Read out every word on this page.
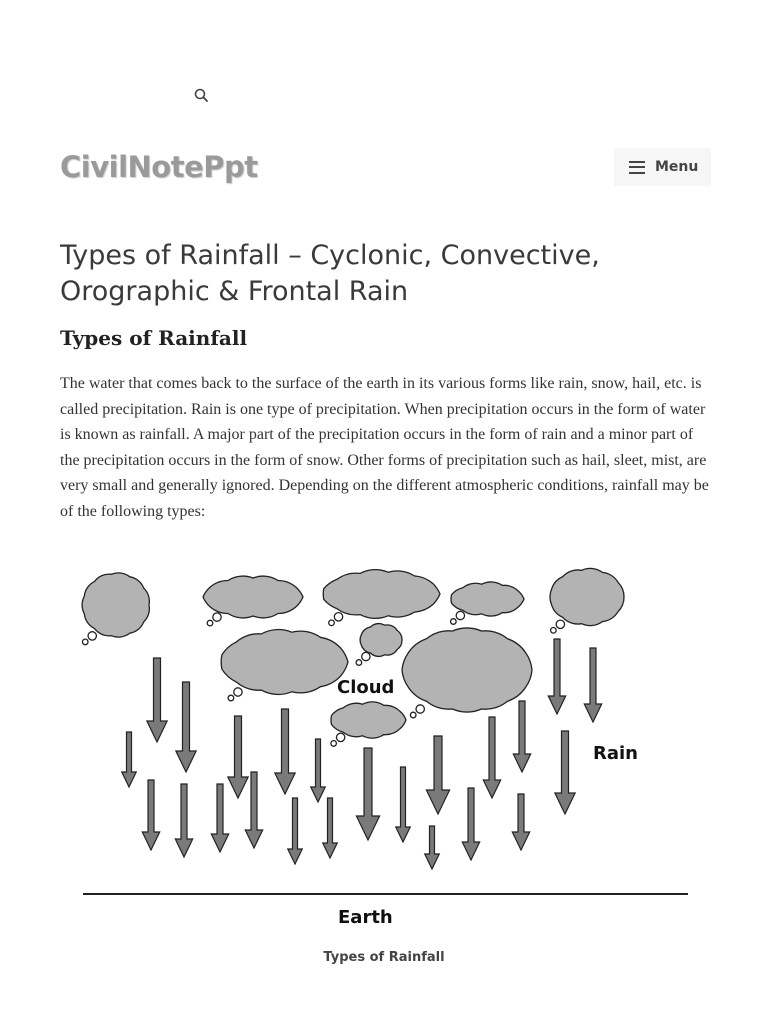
CivilNotePpt	Menu
Types of Rainfall – Cyclonic, Convective, Orographic & Frontal Rain
Types of Rainfall

The water that comes back to the surface of the earth in its various forms like rain, snow, hail, etc. is called precipitation. Rain is one type of precipitation. When precipitation occurs in the form of water is known as rainfall. A major part of the precipitation occurs in the form of rain and a minor part of the precipitation occurs in the form of snow. Other forms of precipitation such as hail, sleet, mist, are very small and generally ignored. Depending on the different atmospheric conditions, rainfall may be of the following types:

Cloud
Rain
Earth
Types of Rainfall
